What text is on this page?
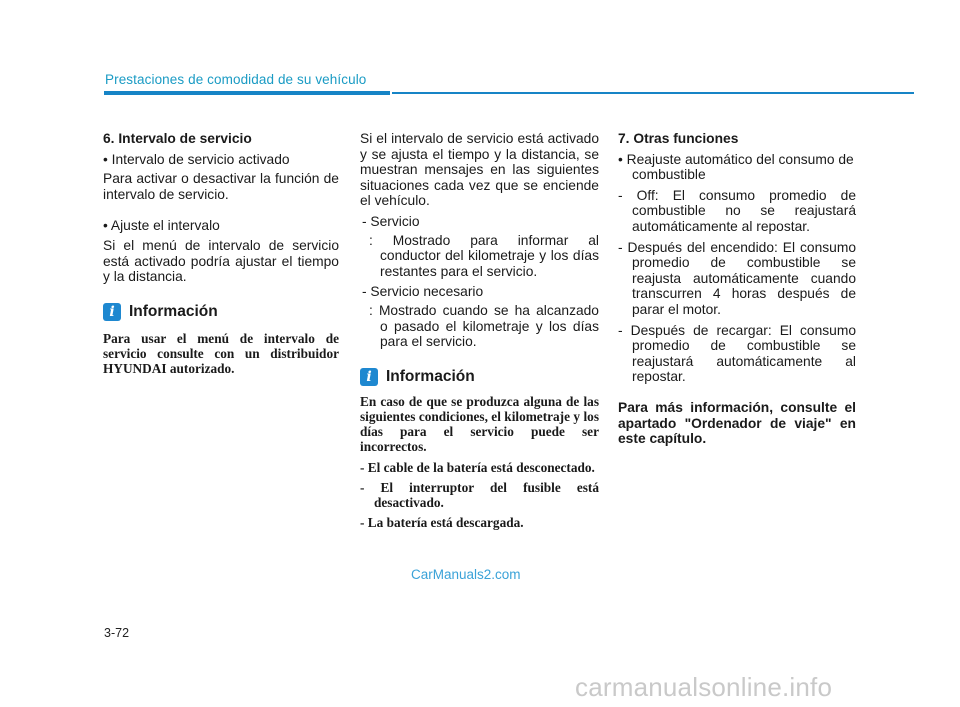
Prestaciones de comodidad de su vehículo

6. Intervalo de servicio

• Intervalo de servicio activado

Para activar o desactivar la función de intervalo de servicio.

• Ajuste el intervalo

Si el menú de intervalo de servicio está activado podría ajustar el tiempo y la distancia.

i Información

Para usar el menú de intervalo de servicio consulte con un distribuidor HYUNDAI autorizado.

Si el intervalo de servicio está activado y se ajusta el tiempo y la distancia, se muestran mensajes en las siguientes situaciones cada vez que se enciende el vehículo.

- Servicio

: Mostrado para informar al conductor del kilometraje y los días restantes para el servicio.

- Servicio necesario

: Mostrado cuando se ha alcanzado o pasado el kilometraje y los días para el servicio.

i Información

En caso de que se produzca alguna de las siguientes condiciones, el kilometraje y los días para el servicio puede ser incorrectos.

- El cable de la batería está desconectado.

- El interruptor del fusible está desactivado.

- La batería está descargada.

7. Otras funciones

• Reajuste automático del consumo de combustible

- Off: El consumo promedio de combustible no se reajustará automáticamente al repostar.

- Después del encendido: El consumo promedio de combustible se reajusta automáticamente cuando transcurren 4 horas después de parar el motor.

- Después de recargar: El consumo promedio de combustible se reajustará automáticamente al repostar.

Para más información, consulte el apartado "Ordenador de viaje" en este capítulo.

3-72
CarManuals2.com
carmanualsonline.info
